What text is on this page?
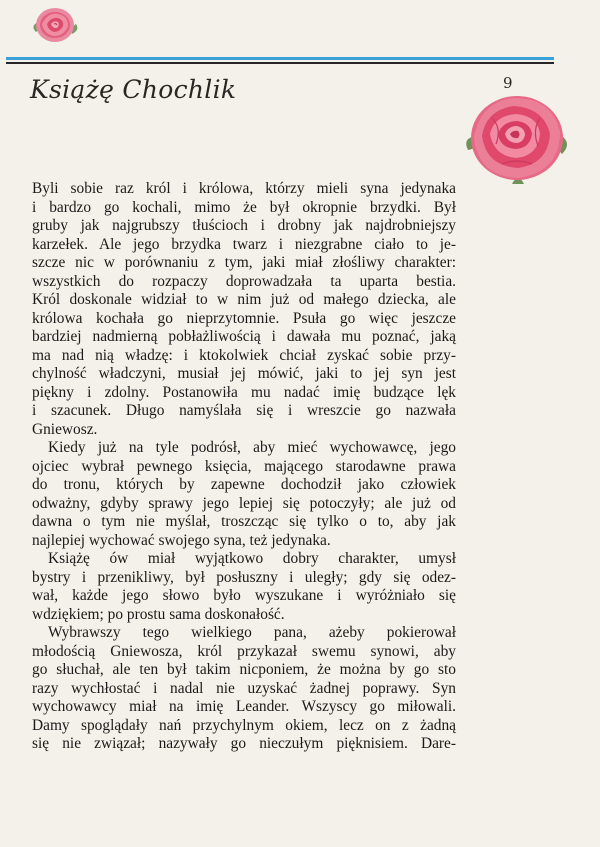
Książę Chochlik	9

Byli sobie raz król i królowa, którzy mieli syna jedynaka
i bardzo go kochali, mimo że był okropnie brzydki. Był
gruby jak najgrubszy tłuścioch i drobny jak najdrobniejszy
karzełek. Ale jego brzydka twarz i niezgrabne ciało to je-
szcze nic w porównaniu z tym, jaki miał złośliwy charakter:
wszystkich do rozpaczy doprowadzała ta uparta bestia.
Król doskonale widział to w nim już od małego dziecka, ale
królowa kochała go nieprzytomnie. Psuła go więc jeszcze
bardziej nadmierną pobłażliwością i dawała mu poznać, jaką
ma nad nią władzę: i ktokolwiek chciał zyskać sobie przy-
chylność władczyni, musiał jej mówić, jaki to jej syn jest
piękny i zdolny. Postanowiła mu nadać imię budzące lęk
i szacunek. Długo namyślała się i wreszcie go nazwała
Gniewosz.

Kiedy już na tyle podrósł, aby mieć wychowawcę, jego
ojciec wybrał pewnego księcia, mającego starodawne prawa
do tronu, których by zapewne dochodził jako człowiek
odważny, gdyby sprawy jego lepiej się potoczyły; ale już od
dawna o tym nie myślał, troszcząc się tylko o to, aby jak
najlepiej wychować swojego syna, też jedynaka.

Książę ów miał wyjątkowo dobry charakter, umysł
bystry i przenikliwy, był posłuszny i uległy; gdy się odez-
wał, każde jego słowo było wyszukane i wyróżniało się
wdziękiem; po prostu sama doskonałość.

Wybrawszy tego wielkiego pana, ażeby pokierował
młodością Gniewosza, król przykazał swemu synowi, aby
go słuchał, ale ten był takim nicponiem, że można by go sto
razy wychłostać i nadal nie uzyskać żadnej poprawy. Syn
wychowawcy miał na imię Leander. Wszyscy go miłowali.
Damy spoglądały nań przychylnym okiem, lecz on z żadną
się nie związał; nazywały go nieczułym pięknisiem. Dare-
